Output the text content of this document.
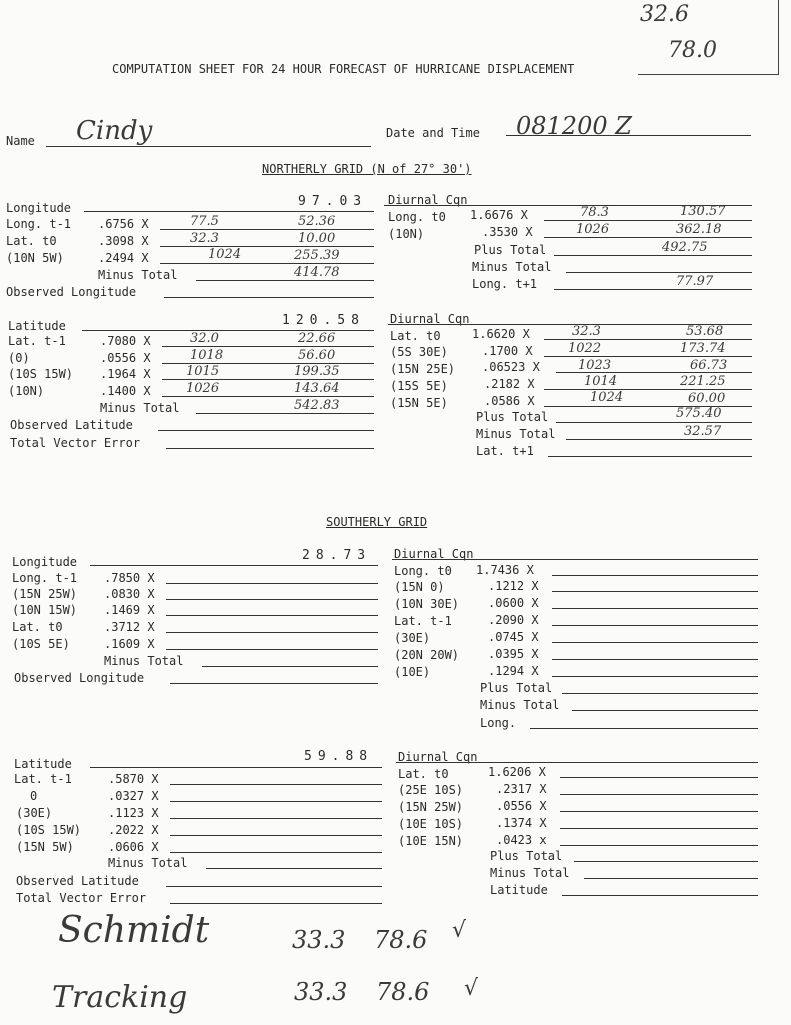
32.6
78.0
COMPUTATION SHEET FOR 24 HOUR FORECAST OF HURRICANE DISPLACEMENT
Name Cindy	Date and Time 081200 Z
NORTHERLY GRID (N of 27° 30')
Longitude	97.03
Long. t-1 .6756 X	77.5	52.36
Lat. t0	.3098 X	32.3	10.00
(10N 5W)	.2494 X	1024	255.39
Minus Total	414.78
Observed Longitude
Diurnal Cqn
Long. t0 1.6676 X	78.3	130.57
(10N)	.3530 X	1026	362.18
Plus Total	492.75
Minus Total
Long. t+1	77.97
Latitude	120.58
Lat. t-1	.7080 X	32.0	22.66
(0)	.0556 X	1018	56.60
(10S 15W) .1964 X	1015	199.35
(10N)	.1400 X	1026	143.64
Minus Total	542.83
Observed Latitude
Total Vector Error
Diurnal Cqn
Lat. t0	1.6620 X	32.3	53.68
(5S 30E)	.1700 X	1022	173.74
(15N 25E) .06523 X	1023	66.73
(15S 5E)	.2182 X	1014	221.25
(15N 5E)	.0586 X	1024	60.00
Plus Total	575.40
Minus Total	32.57
Lat. t+1
SOUTHERLY GRID
Longitude	28.73
Long. t-1 .7850 X
(15N 25W) .0830 X
(10N 15W) .1469 X
Lat. t0	.3712 X
(10S 5E)	.1609 X
Minus Total
Observed Longitude
Diurnal Cqn
Long. t0 1.7436 X
(15N 0)	.1212 X
(10N 30E) .0600 X
Lat. t-1	.2090 X
(30E)	.0745 X
(20N 20W) .0395 X
(10E)	.1294 X
Plus Total
Minus Total
Long.
Latitude	59.88
Lat. t-1	.5870 X
0	.0327 X
(30E)	.1123 X
(10S 15W) .2022 X
(15N 5W)	.0606 X
Minus Total
Observed Latitude
Total Vector Error
Diurnal Cqn
Lat. t0	1.6206 X
(25E 10S)	.2317 X
(15N 25W)	.0556 X
(10E 10S)	.1374 X
(10E 15N)	.0423 x
Plus Total
Minus Total
Latitude
Schmidt	33.3 78.6 √
Tracking	33.3 78.6 √
